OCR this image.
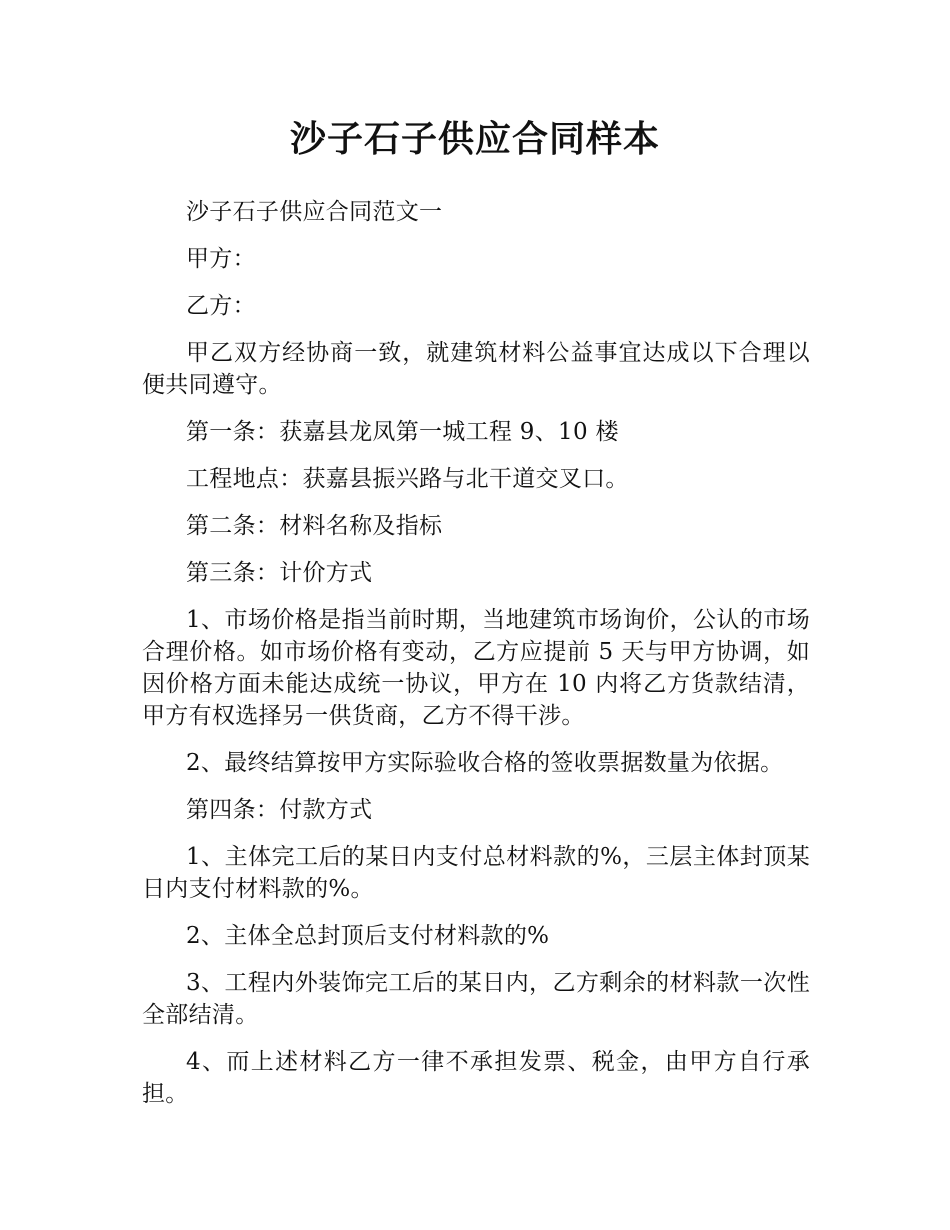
沙子石子供应合同样本

沙子石子供应合同范文一

甲方：

乙方：

甲乙双方经协商一致，就建筑材料公益事宜达成以下合理以便共同遵守。

第一条：获嘉县龙凤第一城工程 9、10 楼

工程地点：获嘉县振兴路与北干道交叉口。

第二条：材料名称及指标

第三条：计价方式

1、市场价格是指当前时期，当地建筑市场询价，公认的市场合理价格。如市场价格有变动，乙方应提前 5 天与甲方协调，如因价格方面未能达成统一协议，甲方在 10 内将乙方货款结清，甲方有权选择另一供货商，乙方不得干涉。

2、最终结算按甲方实际验收合格的签收票据数量为依据。

第四条：付款方式

1、主体完工后的某日内支付总材料款的%，三层主体封顶某日内支付材料款的%。

2、主体全总封顶后支付材料款的%

3、工程内外装饰完工后的某日内，乙方剩余的材料款一次性全部结清。

4、而上述材料乙方一律不承担发票、税金，由甲方自行承担。
